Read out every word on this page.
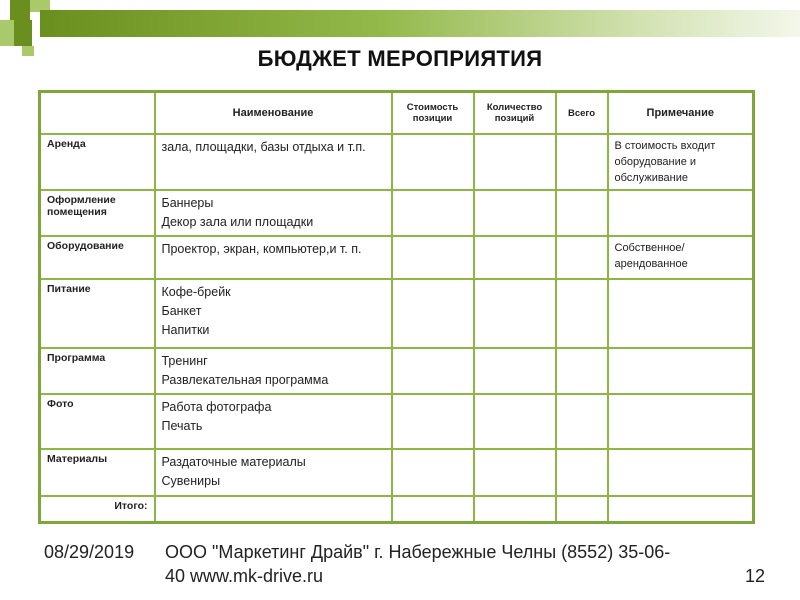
БЮДЖЕТ МЕРОПРИЯТИЯ
	Наименование	Стоимость позиции	Количество позиций	Всего	Примечание
Аренда	зала, площадки, базы отдыха и т.п.				В стоимость входит оборудование и обслуживание
Оформление помещения	Баннеры
Декор зала или площадки				

Оборудование	Проектор, экран, компьютер,и т. п.				Собственное/ арендованное
Питание	Кофе-брейк
Банкет
Напитки				

Программа	Тренинг
Развлекательная программа				

Фото	Работа фотографа
Печать				

Материалы	Раздаточные материалы
Сувениры				

Итого:					
08/29/2019	ООО "Маркетинг Драйв" г. Набережные Челны (8552) 35-06-40 www.mk-drive.ru	12
